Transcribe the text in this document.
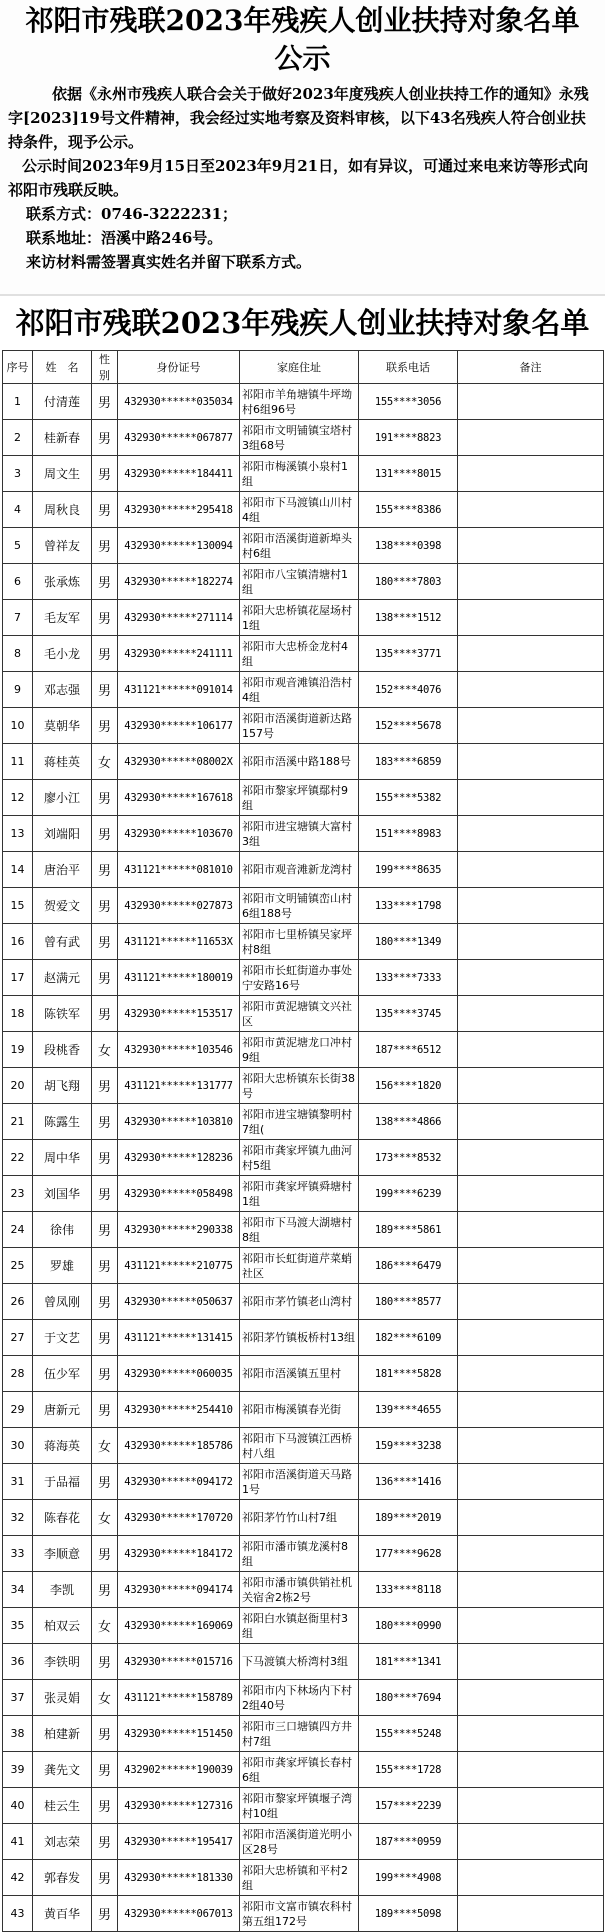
祁阳市残联2023年残疾人创业扶持对象名单
公示

依据《永州市残疾人联合会关于做好2023年度残疾人创业扶持工作的通知》永残字[2023]19号文件精神，我会经过实地考察及资料审核，以下43名残疾人符合创业扶持条件，现予公示。

公示时间2023年9月15日至2023年9月21日，如有异议，可通过来电来访等形式向祁阳市残联反映。

联系方式：0746-3222231；

联系地址：浯溪中路246号。

来访材料需签署真实姓名并留下联系方式。

祁阳市残联2023年残疾人创业扶持对象名单
序号	姓　名	性别	身份证号	家庭住址	联系电话	备注
1	付清莲	男	432930******035034	祁阳市羊角塘镇牛坪坳村6组96号	155****3056	
2	桂新春	男	432930******067877	祁阳市文明铺镇宝塔村3组68号	191****8823	
3	周文生	男	432930******184411	祁阳市梅溪镇小泉村1组	131****8015	
4	周秋良	男	432930******295418	祁阳市下马渡镇山川村4组	155****8386	
5	曾祥友	男	432930******130094	祁阳市浯溪街道新埠头村6组	138****0398	
6	张承炼	男	432930******182274	祁阳市八宝镇清塘村1组	180****7803	
7	毛友军	男	432930******271114	祁阳大忠桥镇花屋场村1组	138****1512	
8	毛小龙	男	432930******241111	祁阳市大忠桥金龙村4组	135****3771	
9	邓志强	男	431121******091014	祁阳市观音滩镇沿浩村4组	152****4076	
10	莫朝华	男	432930******106177	祁阳市浯溪街道新达路157号	152****5678	
11	蒋桂英	女	432930******08002X	祁阳市浯溪中路188号	183****6859	
12	廖小江	男	432930******167618	祁阳市黎家坪镇鄢村9组	155****5382	
13	刘端阳	男	432930******103670	祁阳市进宝塘镇大富村3组	151****8983	
14	唐治平	男	431121******081010	祁阳市观音滩新龙湾村	199****8635	
15	贺爱文	男	432930******027873	祁阳市文明铺镇峦山村6组188号	133****1798	
16	曾有武	男	431121******11653X	祁阳市七里桥镇吴家坪村8组	180****1349	
17	赵满元	男	431121******180019	祁阳市长虹街道办事处宁安路16号	133****7333	
18	陈铁军	男	432930******153517	祁阳市黄泥塘镇文兴社区	135****3745	
19	段桃香	女	432930******103546	祁阳市黄泥塘龙口冲村9组	187****6512	
20	胡飞翔	男	431121******131777	祁阳大忠桥镇东长街38号	156****1820	
21	陈露生	男	432930******103810	祁阳市进宝塘镇黎明村7组(	138****4866	
22	周中华	男	432930******128236	祁阳市龚家坪镇九曲河村5组	173****8532	
23	刘国华	男	432930******058498	祁阳市龚家坪镇舜塘村1组	199****6239	
24	徐伟	男	432930******290338	祁阳市下马渡大湖塘村8组	189****5861	
25	罗雄	男	431121******210775	祁阳市长虹街道芹菜蛸社区	186****6479	
26	曾凤刚	男	432930******050637	祁阳市茅竹镇老山湾村	180****8577	
27	于文艺	男	431121******131415	祁阳茅竹镇板桥村13组	182****6109	
28	伍少军	男	432930******060035	祁阳市浯溪镇五里村	181****5828	
29	唐新元	男	432930******254410	祁阳市梅溪镇春光街	139****4655	
30	蒋海英	女	432930******185786	祁阳市下马渡镇江西桥村八组	159****3238	
31	于品福	男	432930******094172	祁阳市浯溪街道天马路1号	136****1416	
32	陈春花	女	432930******170720	祁阳茅竹竹山村7组	189****2019	
33	李顺意	男	432930******184172	祁阳市潘市镇龙溪村8组	177****9628	
34	李凯	男	432930******094174	祁阳市潘市镇供销社机关宿舍2栋2号	133****8118	
35	柏双云	女	432930******169069	祁阳白水镇赵衙里村3组	180****0990	
36	李铁明	男	432930******015716	下马渡镇大桥湾村3组	181****1341	
37	张灵娟	女	431121******158789	祁阳市内下林场内下村2组40号	180****7694	
38	柏建新	男	432930******151450	祁阳市三口塘镇四方井村7组	155****5248	
39	龚先文	男	432902******190039	祁阳市龚家坪镇长春村6组	155****1728	
40	桂云生	男	432930******127316	祁阳市黎家坪镇堰子湾村10组	157****2239	
41	刘志荣	男	432930******195417	祁阳市浯溪街道光明小区28号	187****0959	
42	郭春发	男	432930******181330	祁阳大忠桥镇和平村2组	199****4908	
43	黄百华	男	432930******067013	祁阳市文富市镇农科村第五组172号	189****5098	
